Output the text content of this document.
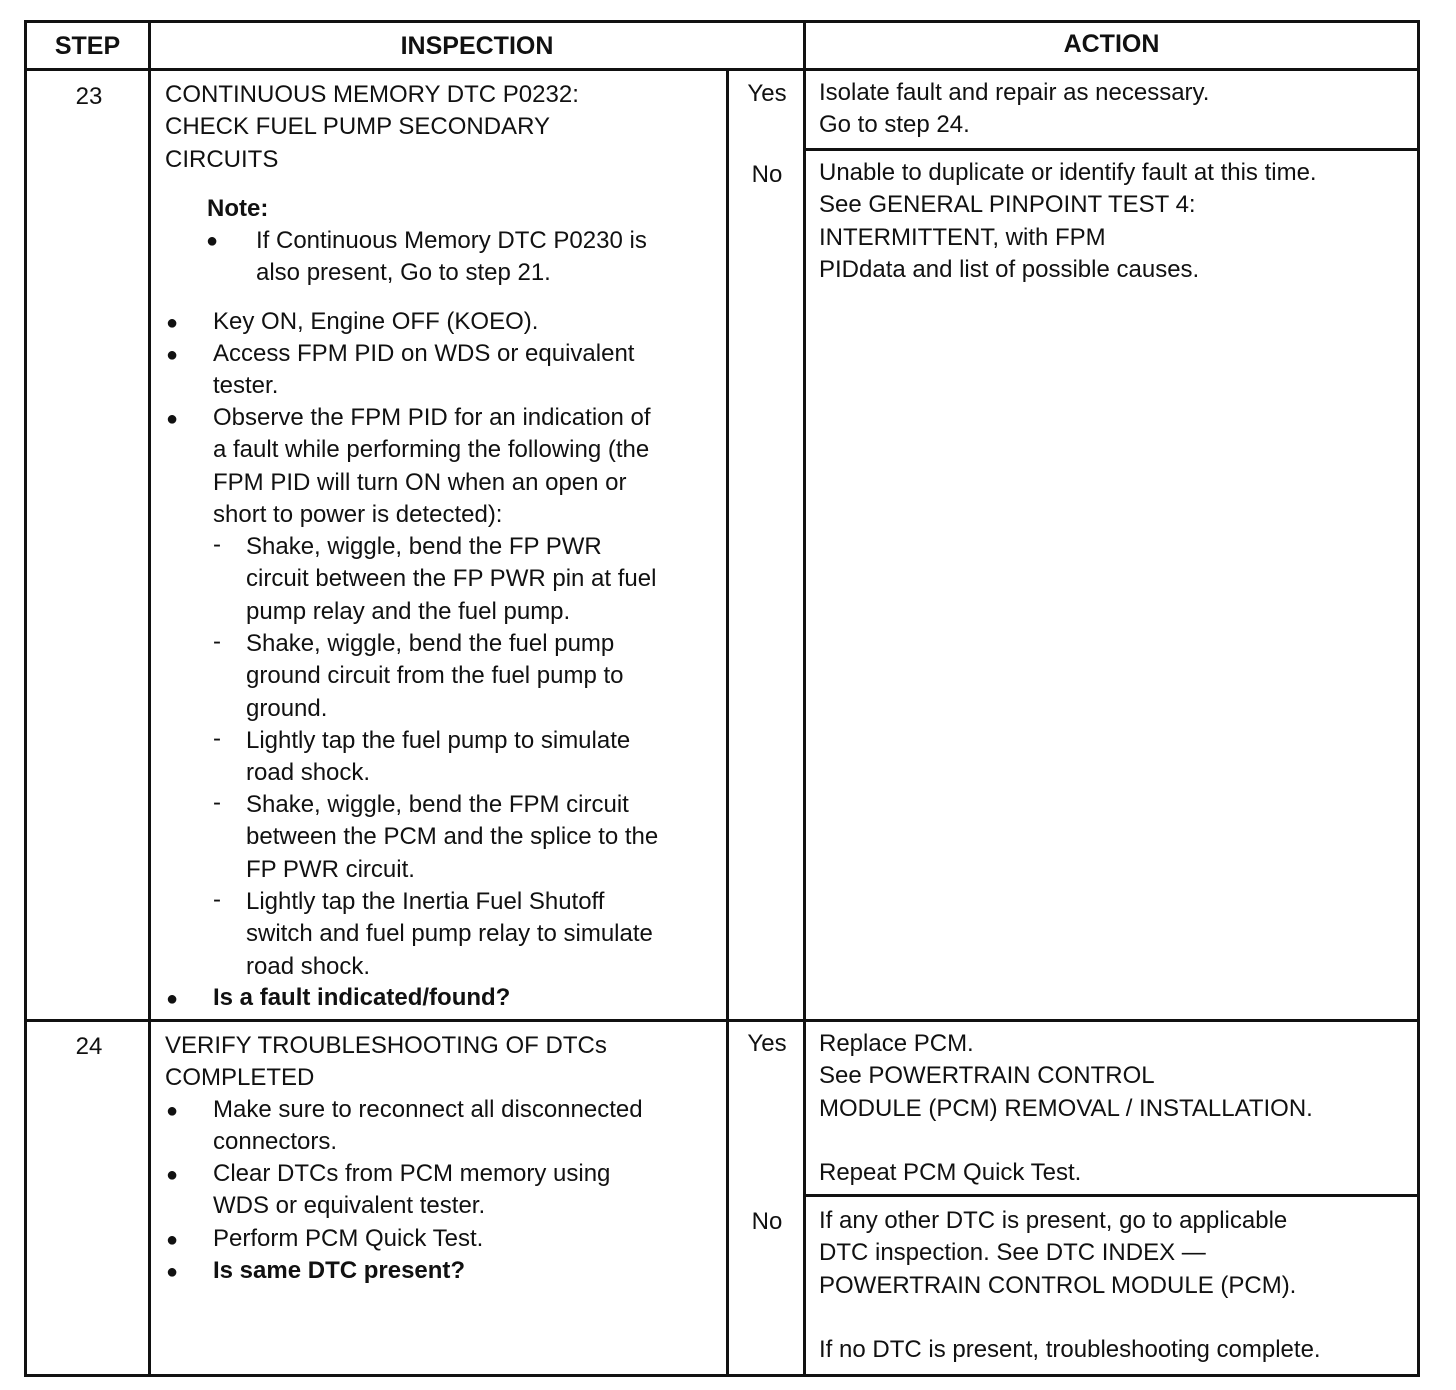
STEP	INSPECTION	ACTION
23	CONTINUOUS MEMORY DTC P0232:
CHECK FUEL PUMP SECONDARY
CIRCUITS
Note:
● If Continuous Memory DTC P0230 is
also present, Go to step 21.
● Key ON, Engine OFF (KOEO).
● Access FPM PID on WDS or equivalent
tester.
● Observe the FPM PID for an indication of
a fault while performing the following (the
FPM PID will turn ON when an open or
short to power is detected):
- Shake, wiggle, bend the FP PWR
circuit between the FP PWR pin at fuel
pump relay and the fuel pump.
- Shake, wiggle, bend the fuel pump
ground circuit from the fuel pump to
ground.
- Lightly tap the fuel pump to simulate
road shock.
- Shake, wiggle, bend the FPM circuit
between the PCM and the splice to the
FP PWR circuit.
- Lightly tap the Inertia Fuel Shutoff
switch and fuel pump relay to simulate
road shock.
● Is a fault indicated/found?
Yes	Isolate fault and repair as necessary.
Go to step 24.
No	Unable to duplicate or identify fault at this time.
See GENERAL PINPOINT TEST 4:
INTERMITTENT, with FPM
PIDdata and list of possible causes.
24	VERIFY TROUBLESHOOTING OF DTCs
COMPLETED
● Make sure to reconnect all disconnected
connectors.
● Clear DTCs from PCM memory using
WDS or equivalent tester.
● Perform PCM Quick Test.
● Is same DTC present?
Yes	Replace PCM.
See POWERTRAIN CONTROL
MODULE (PCM) REMOVAL / INSTALLATION.
Repeat PCM Quick Test.
No	If any other DTC is present, go to applicable
DTC inspection. See DTC INDEX —
POWERTRAIN CONTROL MODULE (PCM).
If no DTC is present, troubleshooting complete.
